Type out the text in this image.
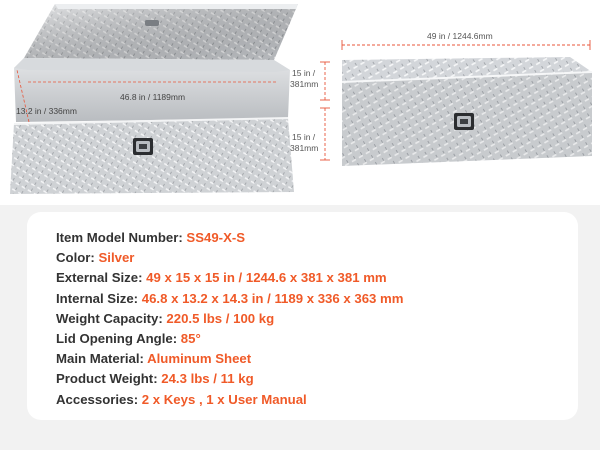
46.8 in / 1189mm
13.2 in / 336mm
49 in / 1244.6mm
15 in /
381mm
15 in /
381mm
Item Model Number: SS49-X-S
Color: Silver
External Size: 49 x 15 x 15 in / 1244.6 x 381 x 381 mm
Internal Size: 46.8 x 13.2 x 14.3 in / 1189 x 336 x 363 mm
Weight Capacity: 220.5 lbs / 100 kg
Lid Opening Angle: 85°
Main Material: Aluminum Sheet
Product Weight: 24.3 lbs / 11 kg
Accessories: 2 x Keys , 1 x User Manual
